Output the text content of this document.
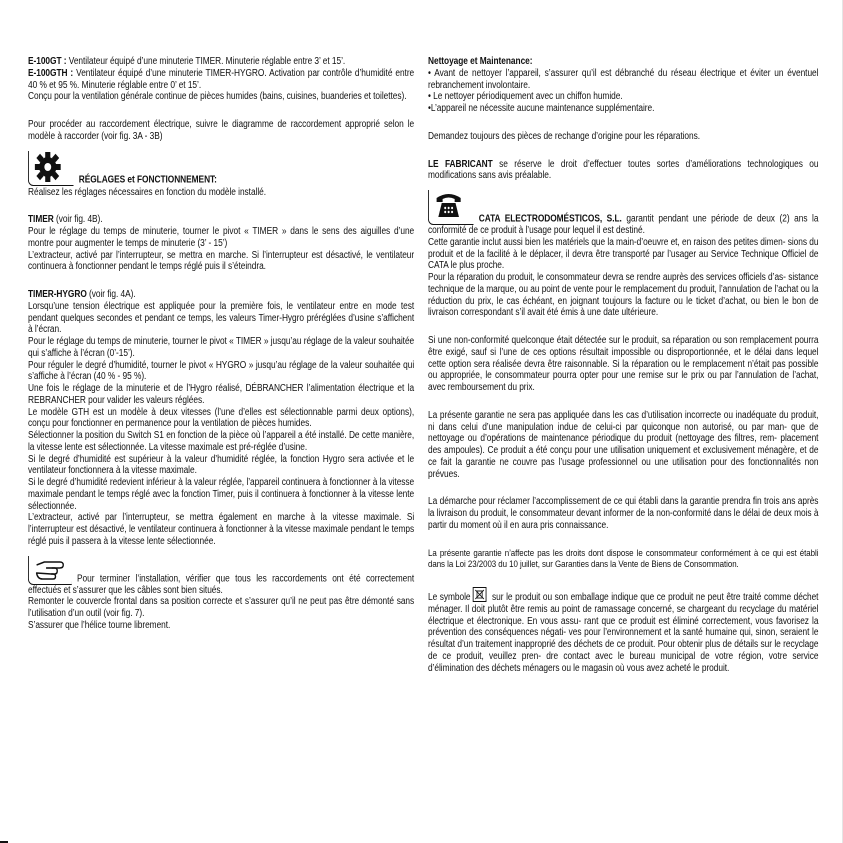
E-100GT : Ventilateur équipé d’une minuterie TIMER. Minuterie réglable entre 3’ et 15’.

E-100GTH : Ventilateur équipé d’une minuterie TIMER-HYGRO. Activation par contrôle d’humidité entre 40 % et 95 %. Minuterie réglable entre 0’ et 15’.

Conçu pour la ventilation générale continue de pièces humides (bains, cuisines, buanderies et toilettes).

Pour procéder au raccordement électrique, suivre le diagramme de raccordement approprié selon le modèle à raccorder (voir fig. 3A - 3B)

RÉGLAGES et FONCTIONNEMENT:

Réalisez les réglages nécessaires en fonction du modèle installé.

TIMER (voir fig. 4B).

Pour le réglage du temps de minuterie, tourner le pivot « TIMER » dans le sens des aiguilles d’une montre pour augmenter le temps de minuterie (3’ - 15’)

L’extracteur, activé par l’interrupteur, se mettra en marche. Si l’interrupteur est désactivé, le ventilateur continuera à fonctionner pendant le temps réglé puis il s’éteindra.

TIMER-HYGRO (voir fig. 4A).

Lorsqu’une tension électrique est appliquée pour la première fois, le ventilateur entre en mode test pendant quelques secondes et pendant ce temps, les valeurs Timer-Hygro préréglées d’usine s’affichent à l’écran.

Pour le réglage du temps de minuterie, tourner le pivot « TIMER » jusqu’au réglage de la valeur souhaitée qui s’affiche à l’écran (0’-15’).

Pour réguler le degré d’humidité, tourner le pivot « HYGRO » jusqu’au réglage de la valeur souhaitée qui s’affiche à l’écran (40 % - 95 %).

Une fois le réglage de la minuterie et de l’Hygro réalisé, DÉBRANCHER l’alimentation électrique et la REBRANCHER pour valider les valeurs réglées.

Le modèle GTH est un modèle à deux vitesses (l’une d’elles est sélectionnable parmi deux options), conçu pour fonctionner en permanence pour la ventilation de pièces humides.

Sélectionner la position du Switch S1 en fonction de la pièce où l’appareil a été installé. De cette manière, la vitesse lente est sélectionnée. La vitesse maximale est pré-réglée d’usine.

Si le degré d’humidité est supérieur à la valeur d’humidité réglée, la fonction Hygro sera activée et le ventilateur fonctionnera à la vitesse maximale.

Si le degré d’humidité redevient inférieur à la valeur réglée, l’appareil continuera à fonctionner à la vitesse maximale pendant le temps réglé avec la fonction Timer, puis il continuera à fonctionner à la vitesse lente sélectionnée.

L’extracteur, activé par l’interrupteur, se mettra également en marche à la vitesse maximale. Si l’interrupteur est désactivé, le ventilateur continuera à fonctionner à la vitesse maximale pendant le temps réglé puis il passera à la vitesse lente sélectionnée.

Pour terminer l’installation, vérifier que tous les raccordements ont été correctement effectués et s’assurer que les câbles sont bien situés.

Remonter le couvercle frontal dans sa position correcte et s’assurer qu’il ne peut pas être démonté sans l’utilisation d’un outil (voir fig. 7).

S’assurer que l’hélice tourne librement.

Nettoyage et Maintenance:

• Avant de nettoyer l’appareil, s’assurer qu’il est débranché du réseau électrique et éviter un éventuel rebranchement involontaire.

• Le nettoyer périodiquement avec un chiffon humide.

•L’appareil ne nécessite aucune maintenance supplémentaire.

Demandez toujours des pièces de rechange d’origine pour les réparations.

LE FABRICANT se réserve le droit d’effectuer toutes sortes d’améliorations technologiques ou modifications sans avis préalable.

CATA ELECTRODOMÉSTICOS, S.L. garantit pendant une période de deux (2) ans la conformité de ce produit à l’usage pour lequel il est destiné.

Cette garantie inclut aussi bien les matériels que la main-d’oeuvre et, en raison des petites dimen- sions du produit et de la facilité à le déplacer, il devra être transporté par l’usager au Service Technique Officiel de CATA le plus proche.

Pour la réparation du produit, le consommateur devra se rendre auprès des services officiels d’as- sistance technique de la marque, ou au point de vente pour le remplacement du produit, l’annulation de l’achat ou la réduction du prix, le cas échéant, en joignant toujours la facture ou le ticket d’achat, ou bien le bon de livraison correspondant s’il avait été émis à une date ultérieure.

Si une non-conformité quelconque était détectée sur le produit, sa réparation ou son remplacement pourra être exigé, sauf si l’une de ces options résultait impossible ou disproportionnée, et le délai dans lequel cette option sera réalisée devra être raisonnable. Si la réparation ou le remplacement n’était pas possible ou appropriée, le consommateur pourra opter pour une remise sur le prix ou par l’annulation de l’achat, avec remboursement du prix.

La présente garantie ne sera pas appliquée dans les cas d’utilisation incorrecte ou inadéquate du produit, ni dans celui d’une manipulation indue de celui-ci par quiconque non autorisé, ou par man- que de nettoyage ou d’opérations de maintenance périodique du produit (nettoyage des filtres, rem- placement des ampoules). Ce produit a été conçu pour une utilisation uniquement et exclusivement ménagère, et de ce fait la garantie ne couvre pas l’usage professionnel ou une utilisation pour des fonctionnalités non prévues.

La démarche pour réclamer l’accomplissement de ce qui établi dans la garantie prendra fin trois ans après la livraison du produit, le consommateur devant informer de la non-conformité dans le délai de deux mois à partir du moment où il en aura pris connaissance.

La présente garantie n’affecte pas les droits dont dispose le consommateur conformément à ce qui est établi dans la Loi 23/2003 du 10 juillet, sur Garanties dans la Vente de Biens de Consommation.

Le symbole
sur le produit ou son emballage indique que ce produit ne peut être traité comme déchet ménager. Il doit plutôt être remis au point de ramassage concerné, se chargeant du recyclage du matériel électrique et électronique. En vous assu- rant que ce produit est éliminé correctement, vous favorisez la prévention des conséquences négati- ves pour l’environnement et la santé humaine qui, sinon, seraient le résultat d’un traitement inapproprié des déchets de ce produit. Pour obtenir plus de détails sur le recyclage de ce produit, veuillez pren- dre contact avec le bureau municipal de votre région, votre service d’élimination des déchets ménagers ou le magasin où vous avez acheté le produit.
